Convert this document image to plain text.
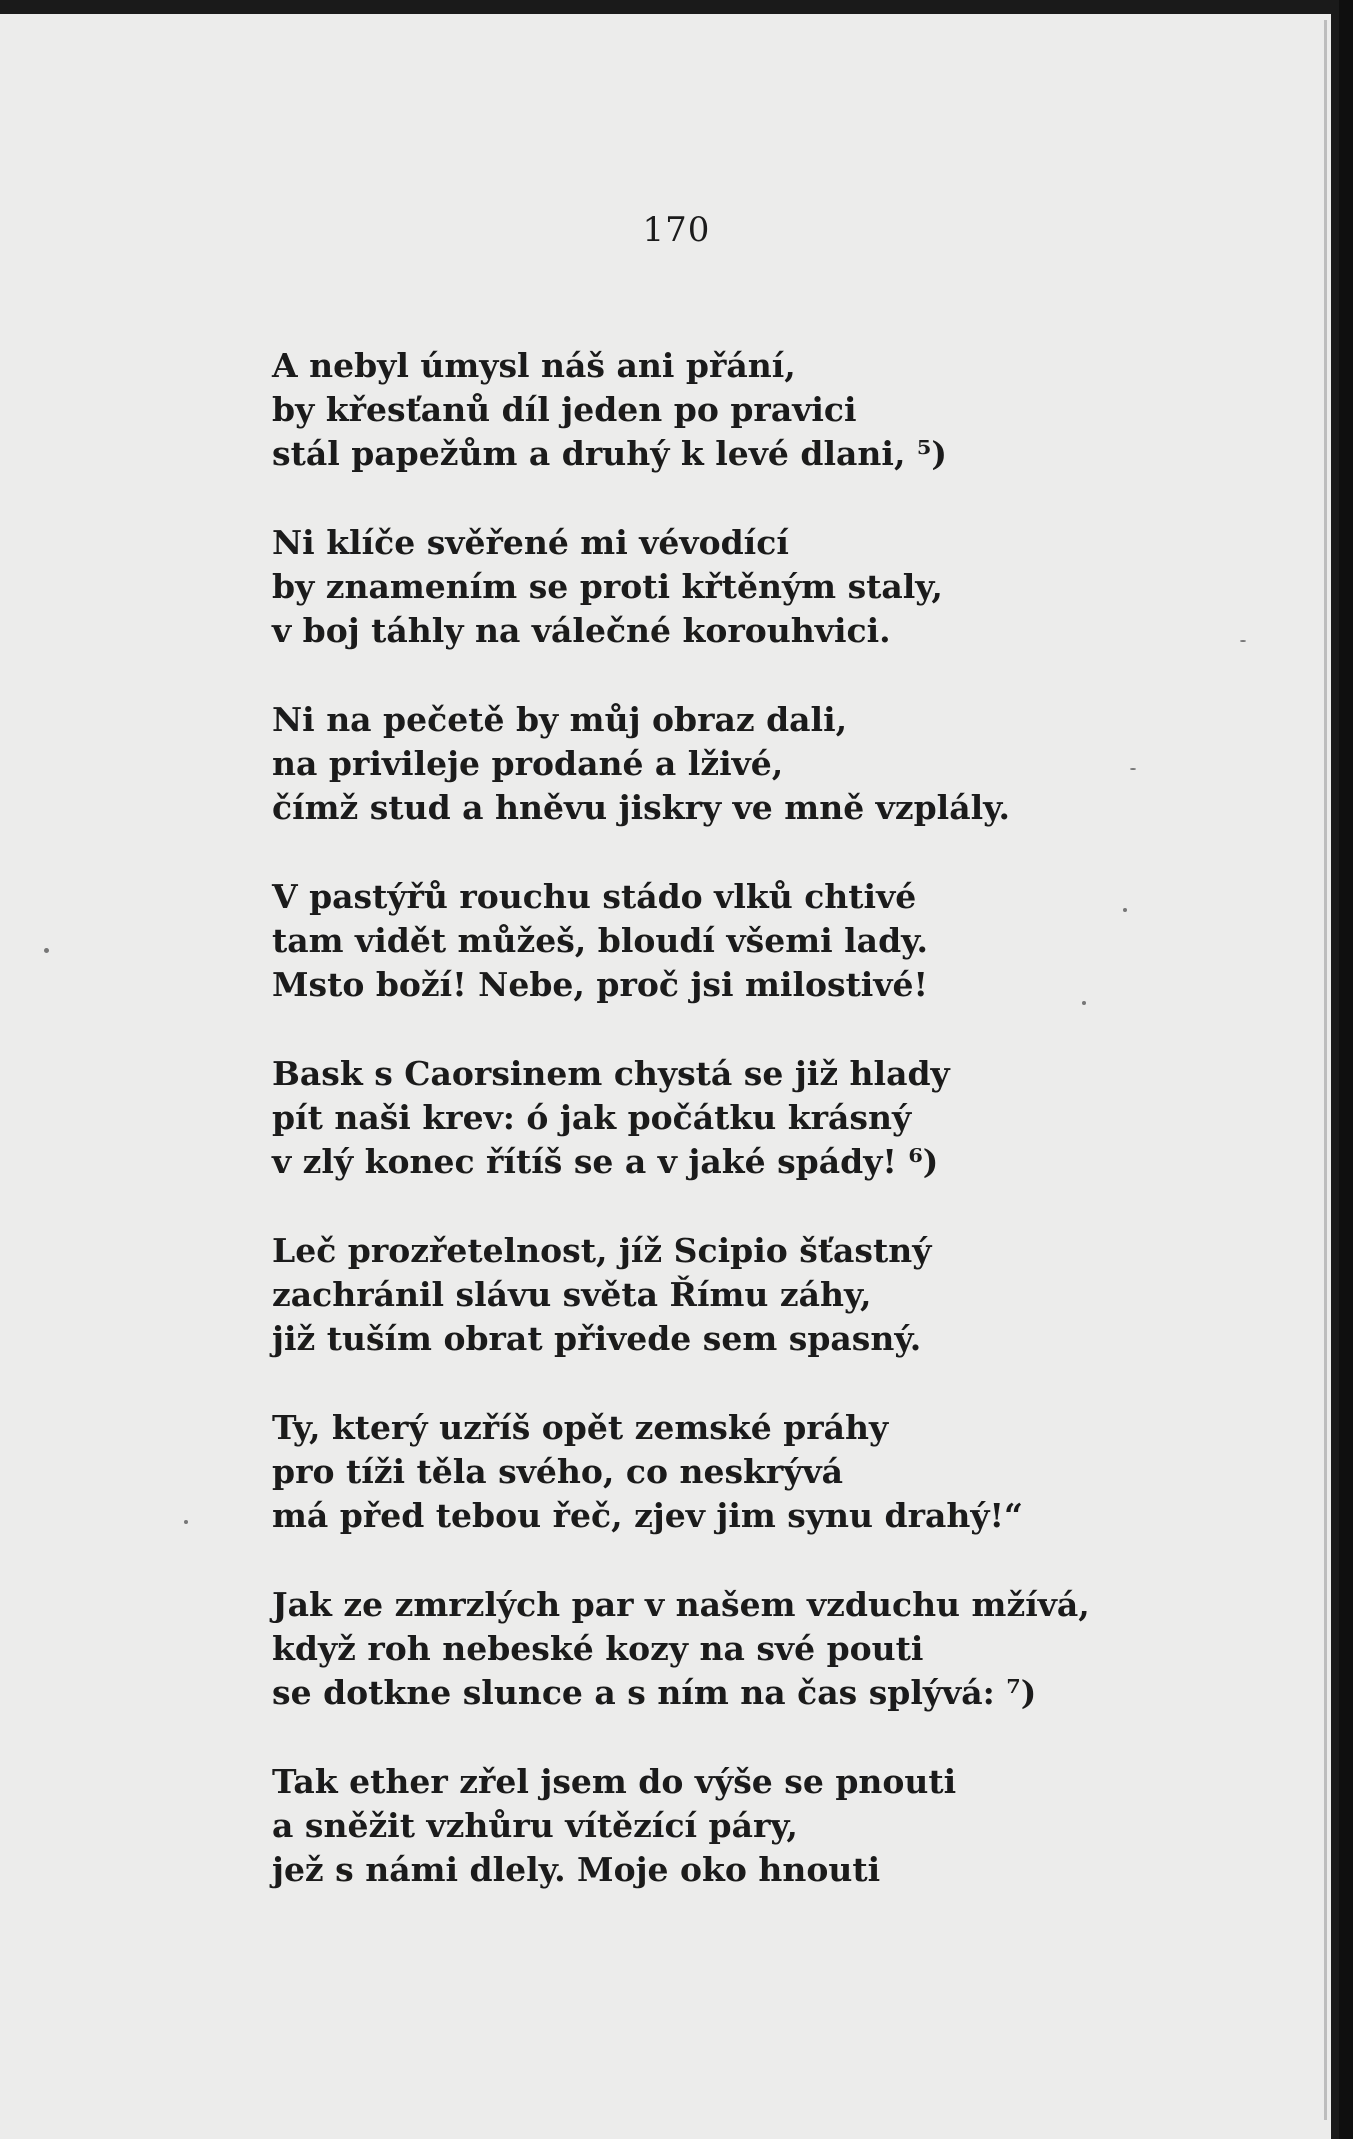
170
A nebyl úmysl náš ani přání,
by křesťanů díl jeden po pravici
stál papežům a druhý k levé dlani, ⁵)
Ni klíče svěřené mi vévodící
by znamením se proti křtěným staly,
v boj táhly na válečné korouhvici.
Ni na pečetě by můj obraz dali,
na privileje prodané a lživé,
čímž stud a hněvu jiskry ve mně vzplály.
V pastýřů rouchu stádo vlků chtivé
tam vidět můžeš, bloudí všemi lady.
Msto boží! Nebe, proč jsi milostivé!
Bask s Caorsinem chystá se již hlady
pít naši krev: ó jak počátku krásný
v zlý konec řítíš se a v jaké spády! ⁶)
Leč prozřetelnost, jíž Scipio šťastný
zachránil slávu světa Římu záhy,
již tuším obrat přivede sem spasný.
Ty, který uzříš opět zemské práhy
pro tíži těla svého, co neskrývá
má před tebou řeč, zjev jim synu drahý!“
Jak ze zmrzlých par v našem vzduchu mžívá,
když roh nebeské kozy na své pouti
se dotkne slunce a s ním na čas splývá: ⁷)
Tak ether zřel jsem do výše se pnouti
a sněžit vzhůru vítězící páry,
jež s námi dlely. Moje oko hnouti
